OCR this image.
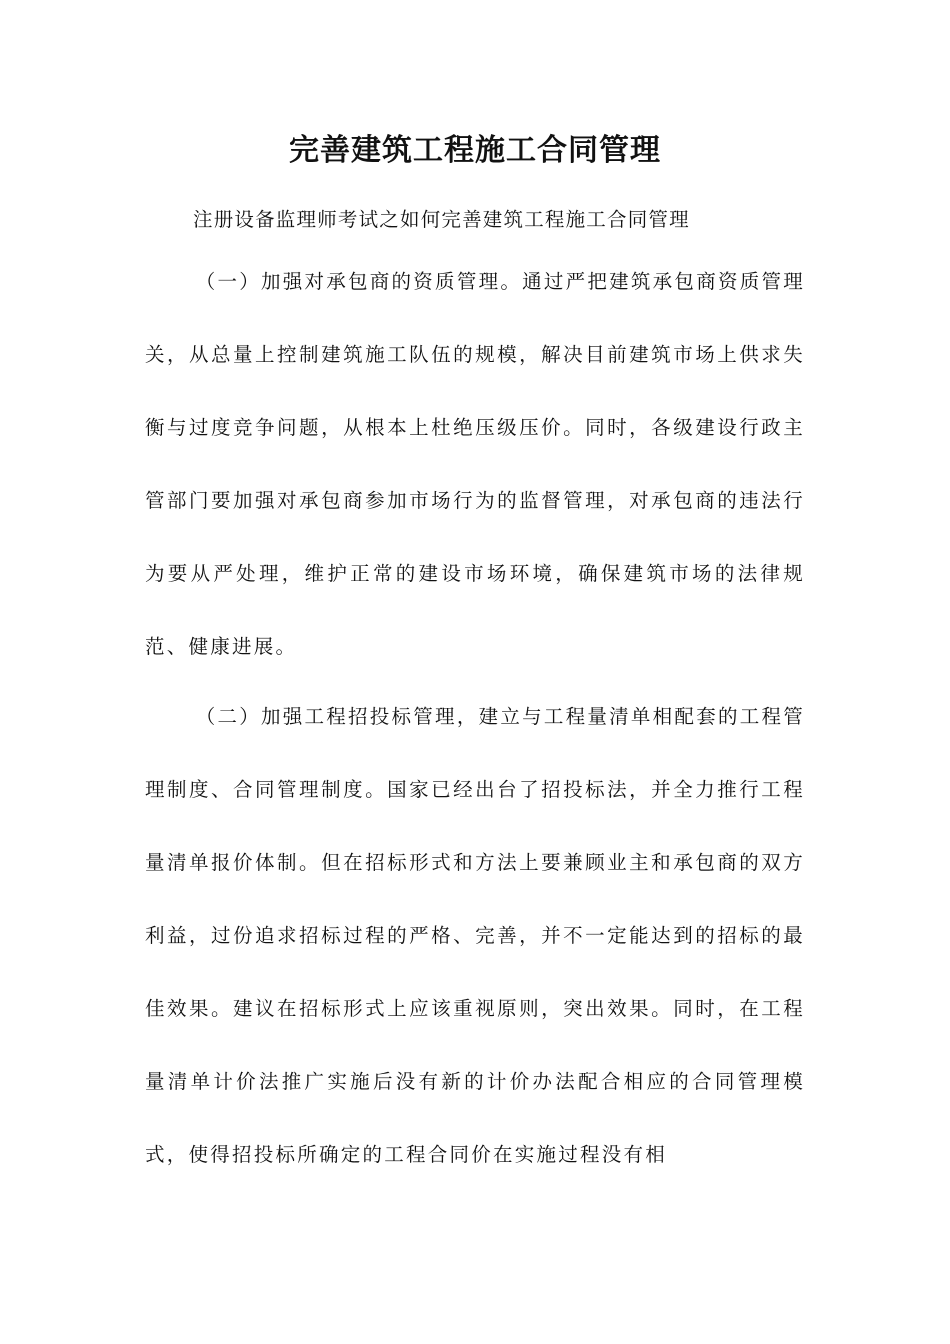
完善建筑工程施工合同管理

注册设备监理师考试之如何完善建筑工程施工合同管理

（一）加强对承包商的资质管理。通过严把建筑承包商资质管理关，从总量上控制建筑施工队伍的规模，解决目前建筑市场上供求失衡与过度竞争问题，从根本上杜绝压级压价。同时，各级建设行政主管部门要加强对承包商参加市场行为的监督管理，对承包商的违法行为要从严处理，维护正常的建设市场环境，确保建筑市场的法律规范、健康进展。

（二）加强工程招投标管理，建立与工程量清单相配套的工程管理制度、合同管理制度。国家已经出台了招投标法，并全力推行工程量清单报价体制。但在招标形式和方法上要兼顾业主和承包商的双方利益，过份追求招标过程的严格、完善，并不一定能达到的招标的最佳效果。建议在招标形式上应该重视原则，突出效果。同时，在工程量清单计价法推广实施后没有新的计价办法配合相应的合同管理模式，使得招投标所确定的工程合同价在实施过程没有相
